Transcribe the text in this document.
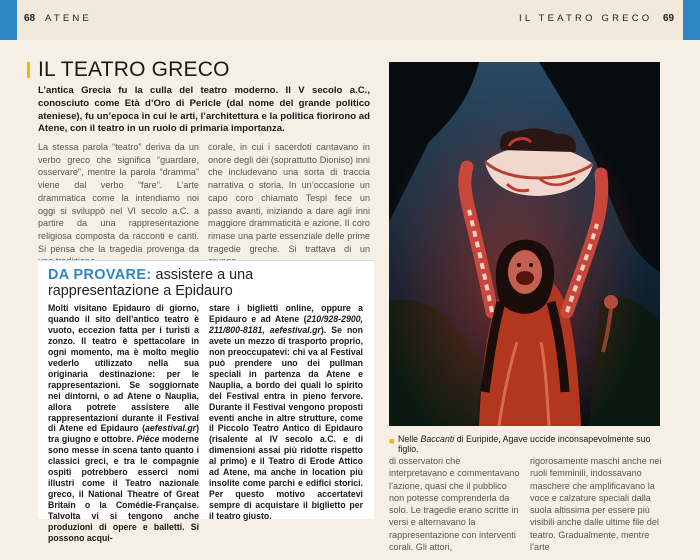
68 ATENE	IL TEATRO GRECO 69
IL TEATRO GRECO
L’antica Grecia fu la culla del teatro moderno. Il V secolo a.C., conosciuto come Età d’Oro di Pericle (dal nome del grande politico ateniese), fu un’epoca in cui le arti, l’architettura e la politica fiorirono ad Atene, con il teatro in un ruolo di primaria importanza.
La stessa parola “teatro” deriva da un verbo greco che significa “guardare, osservare”, mentre la parola “dramma” viene dal verbo “fare”. L’arte drammatica come la intendiamo noi oggi si sviluppò nel VI secolo a.C. a partire da una rappresentazione religiosa composta da racconti e canti. Si pensa che la tragedia provenga da
corale, in cui i sacerdoti cantavano in onore degli dèi (soprattutto Dioniso) inni che includevano una sorta di traccia narrativa o storia. In un’occasione un capo coro chiamato Tespi fece un passo avanti, iniziando a dare agli inni maggiore drammaticità e azione. Il coro rimase una parte essenziale delle prime tragedie greche. Si trattava di un
DA PROVARE: assistere a una rappresentazione a Epidauro
Molti visitano Epidauro di giorno, quando il sito dell’antico teatro è vuoto, eccezion fatta per i turisti a zonzo. Il teatro è spettacolare in ogni momento, ma è molto meglio vederlo utilizzato nella sua originaria destinazione: per le rappresentazioni. Se soggiornate nei dintorni, o ad Atene o Nauplia, allora potrete assistere alle rappresentazioni durante il Festival di Atene ed Epidauro (aefestival.gr) tra giugno e ottobre. Pièce moderne sono messe in scena tanto quanto i classici greci, e tra le compagnie ospiti potrebbero esserci nomi illustri come il Teatro nazionale greco, il National Theatre of Great Britain o la Comédie-Française. Talvolta vi si tengono anche produzioni di opere e balletti. Si possono acqui-
stare i biglietti online, oppure a Epidauro e ad Atene (210/928-2900, 211/800-8181, aefestival.gr). Se non avete un mezzo di trasporto proprio, non preoccupatevi: chi va al Festival può prendere uno dei pullman speciali in partenza da Atene e Nauplia, a bordo dei quali lo spirito del Festival entra in pieno fervore. Durante il Festival vengono proposti eventi anche in altre strutture, come il Piccolo Teatro Antico di Epidauro (risalente al IV secolo a.C. e di dimensioni assai più ridotte rispetto al primo) e il Teatro di Erode Attico ad Atene, ma anche in location più insolite come parchi e edifici storici. Per questo motivo accertatevi sempre di acquistare il biglietto per il teatro giusto.
■ Nelle Baccanti di Euripide, Agave uccide inconsapevolmente suo figlio.
di osservatori che interpretavano e commentavano l’azione, quasi che il pubblico non potesse comprenderla da solo. Le tragedie erano scritte in versi e alternavano la rappresentazione con interventi corali. Gli attori,
rigorosamente maschi anche nei ruoli femminili, indossavano maschere che amplificavano la voce e calzature speciali dalla suola altissima per essere più visibili anche dalle ultime file del teatro. Gradualmente, mentre l’arte
